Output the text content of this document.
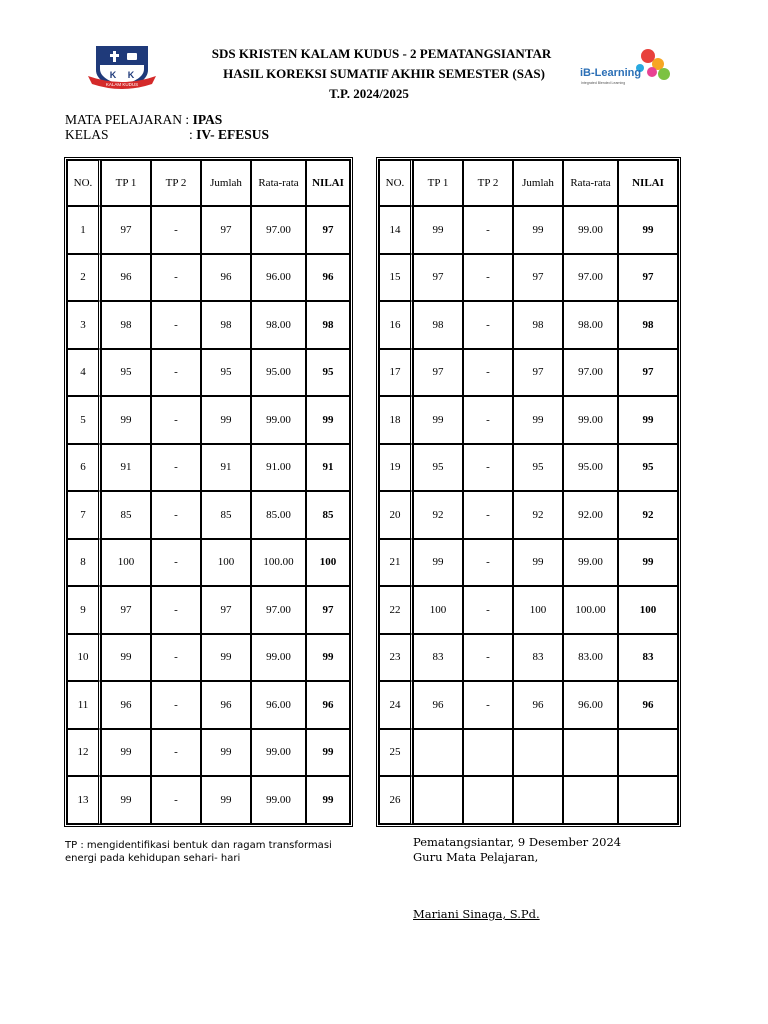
SDS KRISTEN KALAM KUDUS - 2 PEMATANGSIANTAR
HASIL KOREKSI SUMATIF AKHIR SEMESTER (SAS)
T.P. 2024/2025
K K
KALAM KUDUS
iB-Learning
Integrated Blended Learning
MATA PELAJARAN : IPAS
KELAS	: IV- EFESUS
NO.	TP 1	TP 2	Jumlah	Rata-rata	NILAI
1	97	-	97	97.00	97
2	96	-	96	96.00	96
3	98	-	98	98.00	98
4	95	-	95	95.00	95
5	99	-	99	99.00	99
6	91	-	91	91.00	91
7	85	-	85	85.00	85
8	100	-	100	100.00	100
9	97	-	97	97.00	97
10	99	-	99	99.00	99
11	96	-	96	96.00	96
12	99	-	99	99.00	99
13	99	-	99	99.00	99
NO.	TP 1	TP 2	Jumlah	Rata-rata	NILAI
14	99	-	99	99.00	99
15	97	-	97	97.00	97
16	98	-	98	98.00	98
17	97	-	97	97.00	97
18	99	-	99	99.00	99
19	95	-	95	95.00	95
20	92	-	92	92.00	92
21	99	-	99	99.00	99
22	100	-	100	100.00	100
23	83	-	83	83.00	83
24	96	-	96	96.00	96
25					
26					
TP : mengidentifikasi bentuk dan ragam transformasi
energi pada kehidupan sehari- hari
Pematangsiantar, 9 Desember 2024
Guru Mata Pelajaran,
Mariani Sinaga, S.Pd.
